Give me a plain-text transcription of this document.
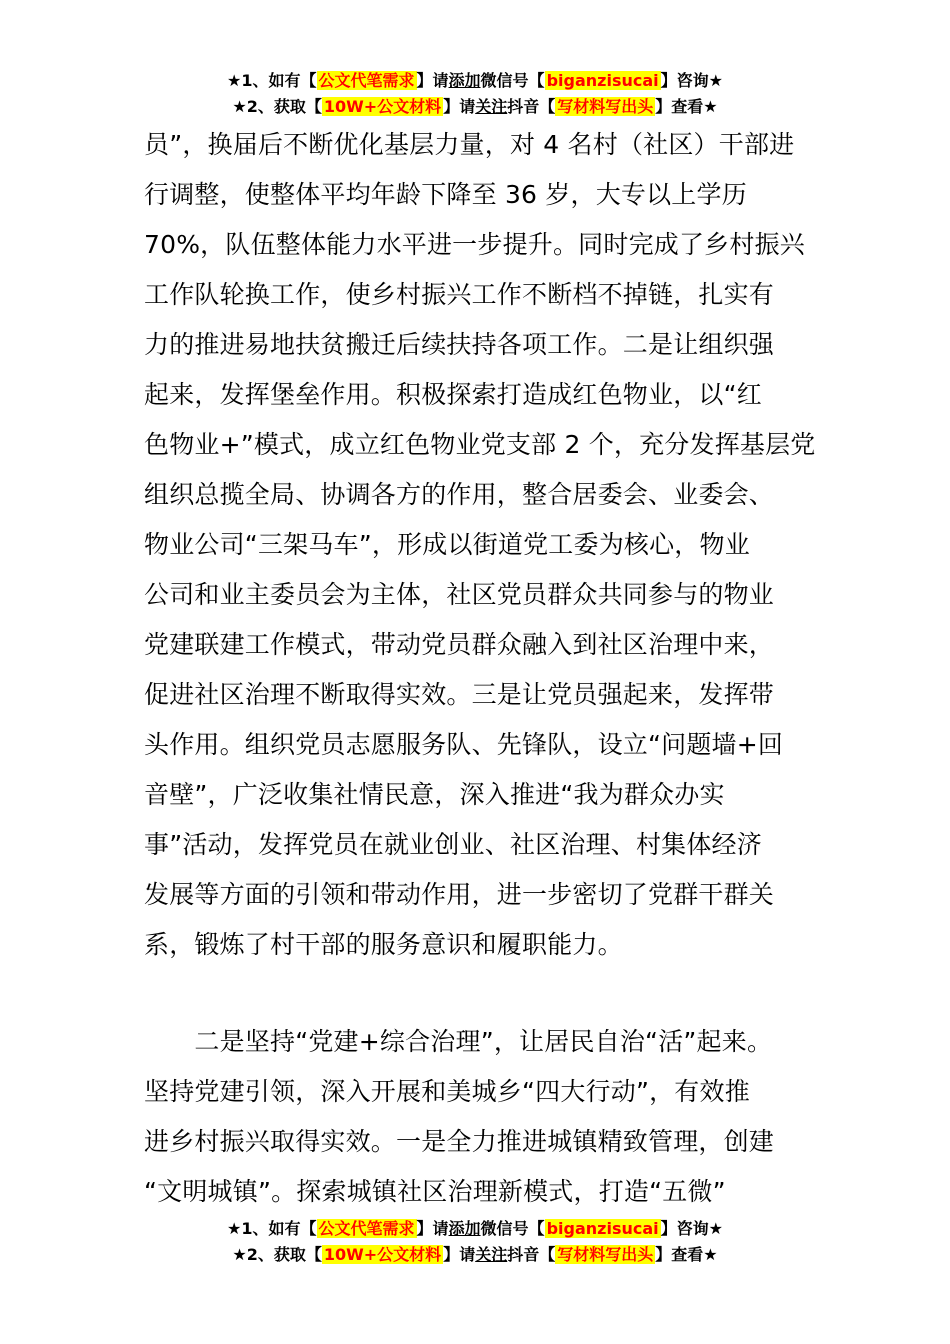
★1、如有【 公文代笔需求 】请添加微信号【 biganzisucai 】咨询★
★2、获取【 10W+公文材料 】请关注抖音【 写材料写出头 】查看★
员”，换届后不断优化基层力量，对 4 名村（社区）干部进
行调整，使整体平均年龄下降至 36 岁，大专以上学历
70%，队伍整体能力水平进一步提升。同时完成了乡村振兴
工作队轮换工作，使乡村振兴工作不断档不掉链，扎实有
力的推进易地扶贫搬迁后续扶持各项工作。二是让组织强
起来，发挥堡垒作用。积极探索打造成红色物业，以“红
色物业+”模式，成立红色物业党支部 2 个，充分发挥基层党
组织总揽全局、协调各方的作用，整合居委会、业委会、
物业公司“三架马车”，形成以街道党工委为核心，物业
公司和业主委员会为主体，社区党员群众共同参与的物业
党建联建工作模式，带动党员群众融入到社区治理中来，
促进社区治理不断取得实效。三是让党员强起来，发挥带
头作用。组织党员志愿服务队、先锋队，设立“问题墙+回
音壁”，广泛收集社情民意，深入推进“我为群众办实
事”活动，发挥党员在就业创业、社区治理、村集体经济
发展等方面的引领和带动作用，进一步密切了党群干群关
系，锻炼了村干部的服务意识和履职能力。
　　二是坚持“党建+综合治理”，让居民自治“活”起来。
坚持党建引领，深入开展和美城乡“四大行动”，有效推
进乡村振兴取得实效。一是全力推进城镇精致管理，创建
“文明城镇”。探索城镇社区治理新模式，打造“五微”
★1、如有【 公文代笔需求 】请添加微信号【 biganzisucai 】咨询★
★2、获取【 10W+公文材料 】请关注抖音【 写材料写出头 】查看★
